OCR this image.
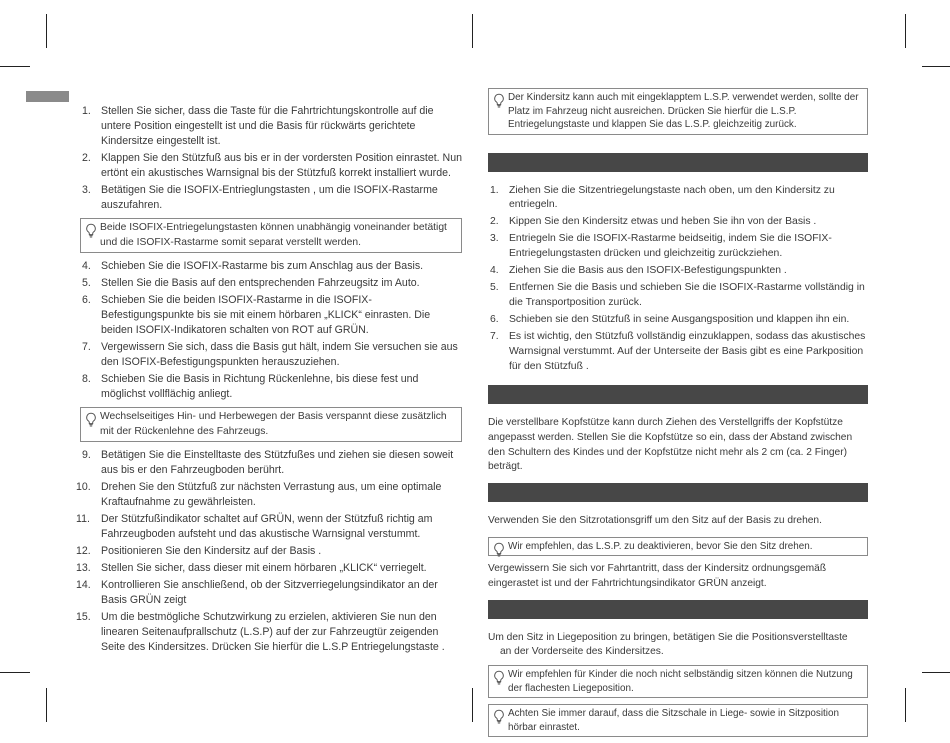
1. Stellen Sie sicher, dass die Taste für die Fahrtrichtungskontrolle auf die untere Position eingestellt ist und die Basis für rückwärts gerichtete Kindersitze eingestellt ist.
2. Klappen Sie den Stützfuß aus bis er in der vordersten Position einrastet. Nun ertönt ein akustisches Warnsignal bis der Stützfuß korrekt installiert wurde.
3. Betätigen Sie die ISOFIX-Entrieglungstasten , um die ISOFIX-Rastarme auszufahren.
Beide ISOFIX-Entriegelungstasten können unabhängig voneinander betätigt und die ISOFIX-Rastarme somit separat verstellt werden.
4. Schieben Sie die ISOFIX-Rastarme bis zum Anschlag aus der Basis.
5. Stellen Sie die Basis auf den entsprechenden Fahrzeugsitz im Auto.
6. Schieben Sie die beiden ISOFIX-Rastarme in die ISOFIX-Befestigungspunkte bis sie mit einem hörbaren „KLICK“ einrasten. Die beiden ISOFIX-Indikatoren schalten von ROT auf GRÜN.
7. Vergewissern Sie sich, dass die Basis gut hält, indem Sie versuchen sie aus den ISOFIX-Befestigungspunkten herauszuziehen.
8. Schieben Sie die Basis in Richtung Rückenlehne, bis diese fest und möglichst vollflächig anliegt.
Wechselseitiges Hin- und Herbewegen der Basis verspannt diese zusätzlich mit der Rückenlehne des Fahrzeugs.
9. Betätigen Sie die Einstelltaste des Stützfußes und ziehen sie diesen soweit aus bis er den Fahrzeugboden berührt.
10. Drehen Sie den Stützfuß zur nächsten Verrastung aus, um eine optimale Kraftaufnahme zu gewährleisten.
11. Der Stützfußindikator schaltet auf GRÜN, wenn der Stützfuß richtig am Fahrzeugboden aufsteht und das akustische Warnsignal verstummt.
12. Positionieren Sie den Kindersitz auf der Basis .
13. Stellen Sie sicher, dass dieser mit einem hörbaren „KLICK“ verriegelt.
14. Kontrollieren Sie anschließend, ob der Sitzverriegelungsindikator an der Basis GRÜN zeigt
15. Um die bestmögliche Schutzwirkung zu erzielen, aktivieren Sie nun den linearen Seitenaufprallschutz (L.S.P) auf der zur Fahrzeugtür zeigenden Seite des Kindersitzes. Drücken Sie hierfür die L.S.P Entriegelungstaste .
Der Kindersitz kann auch mit eingeklapptem L.S.P. verwendet werden, sollte der Platz im Fahrzeug nicht ausreichen. Drücken Sie hierfür die L.S.P. Entriegelungstaste und klappen Sie das L.S.P. gleichzeitig zurück.
1. Ziehen Sie die Sitzentriegelungstaste nach oben, um den Kindersitz zu entriegeln.
2. Kippen Sie den Kindersitz etwas und heben Sie ihn von der Basis .
3. Entriegeln Sie die ISOFIX-Rastarme beidseitig, indem Sie die ISOFIX-Entriegelungstasten drücken und gleichzeitig zurückziehen.
4. Ziehen Sie die Basis aus den ISOFIX-Befestigungspunkten .
5. Entfernen Sie die Basis und schieben Sie die ISOFIX-Rastarme vollständig in die Transportposition zurück.
6. Schieben sie den Stützfuß in seine Ausgangsposition und klappen ihn ein.
7. Es ist wichtig, den Stützfuß vollständig einzuklappen, sodass das akustisches Warnsignal verstummt. Auf der Unterseite der Basis gibt es eine Parkposition für den Stützfuß .

Die verstellbare Kopfstütze kann durch Ziehen des Verstellgriffs der Kopfstütze angepasst werden. Stellen Sie die Kopfstütze so ein, dass der Abstand zwischen den Schultern des Kindes und der Kopfstütze nicht mehr als 2 cm (ca. 2 Finger) beträgt.

Verwenden Sie den Sitzrotationsgriff um den Sitz auf der Basis zu drehen.

Wir empfehlen, das L.S.P. zu deaktivieren, bevor Sie den Sitz drehen.

Vergewissern Sie sich vor Fahrtantritt, dass der Kindersitz ordnungsgemäß eingerastet ist und der Fahrtrichtungsindikator GRÜN anzeigt.

Um den Sitz in Liegeposition zu bringen, betätigen Sie die Positionsverstelltaste
an der Vorderseite des Kindersitzes.

Wir empfehlen für Kinder die noch nicht selbständig sitzen können die Nutzung der flachesten Liegeposition.
Achten Sie immer darauf, dass die Sitzschale in Liege- sowie in Sitzposition hörbar einrastet.
